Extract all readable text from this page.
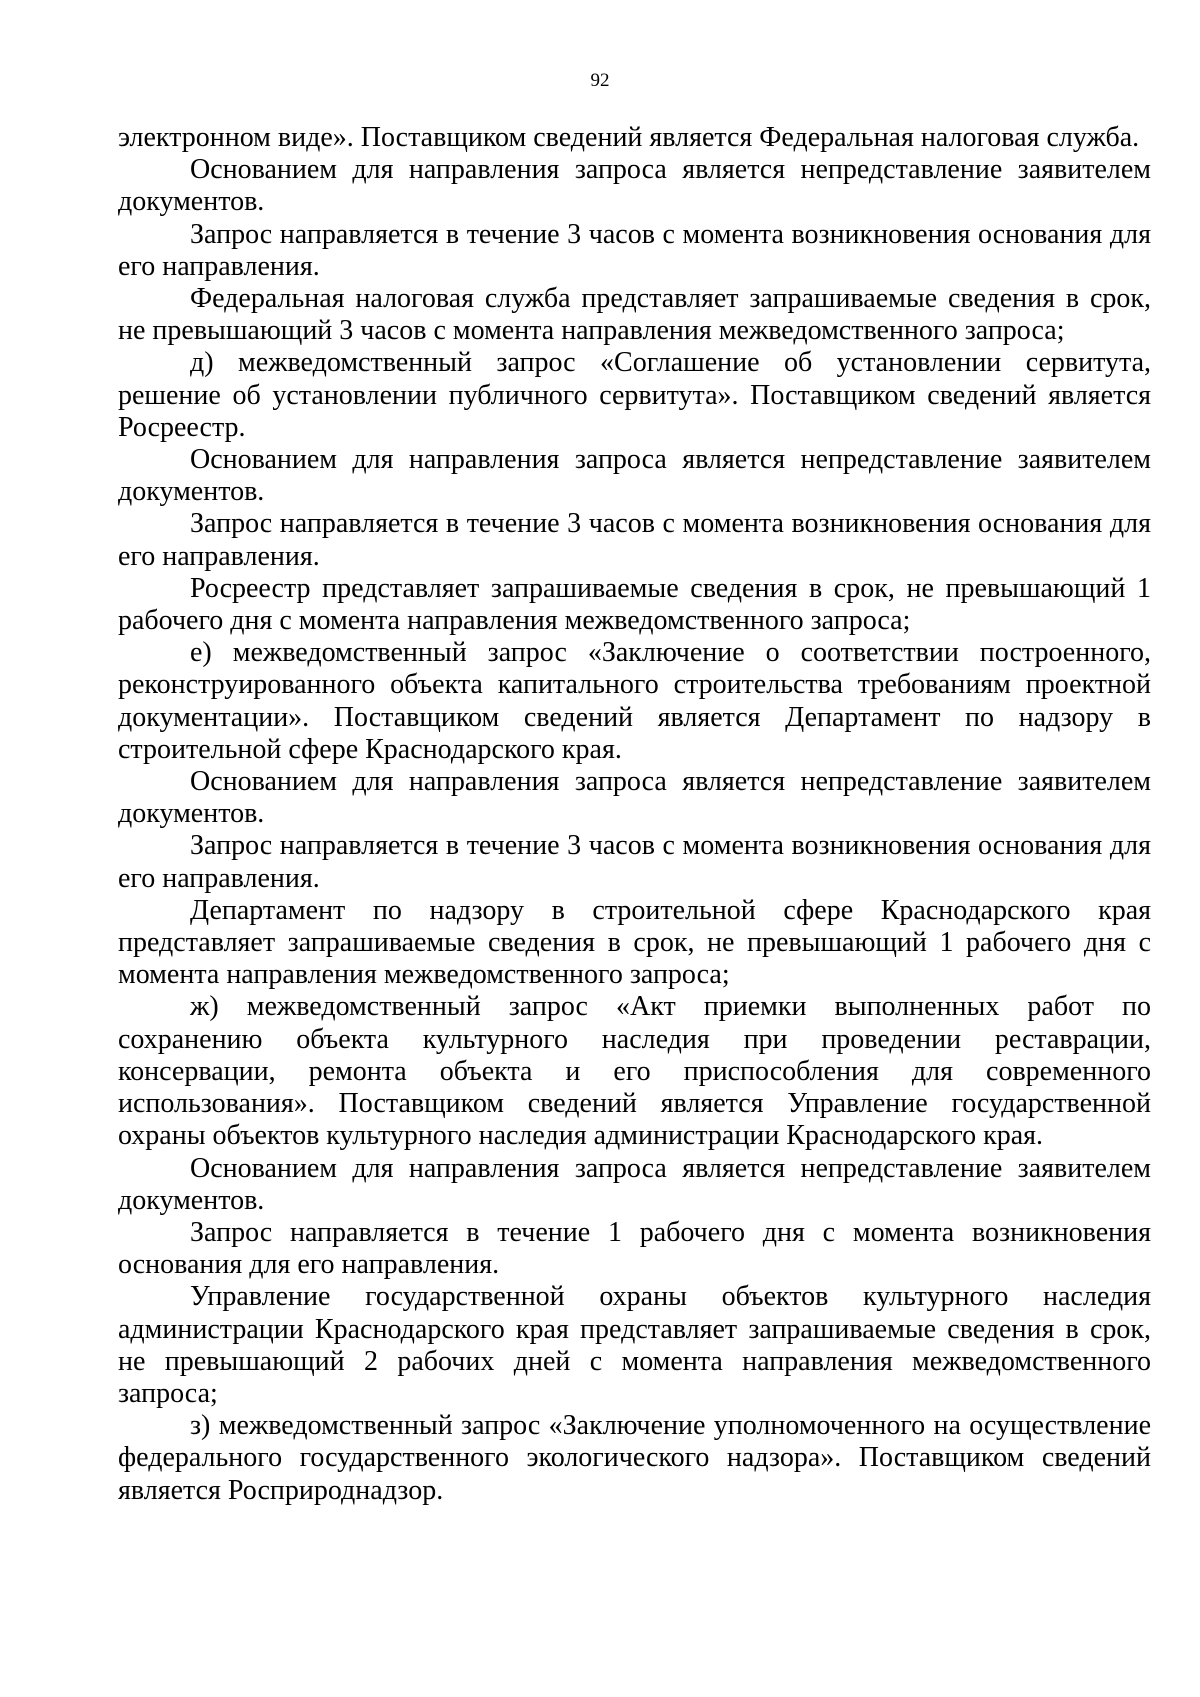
92

электронном виде». Поставщиком сведений является Федеральная налоговая служба.

Основанием для направления запроса является непредставление заявителем документов.

Запрос направляется в течение 3 часов с момента возникновения основания для его направления.

Федеральная налоговая служба представляет запрашиваемые сведения в срок, не превышающий 3 часов с момента направления межведомственного запроса;

д) межведомственный запрос «Соглашение об установлении сервитута, решение об установлении публичного сервитута». Поставщиком сведений является Росреестр.

Основанием для направления запроса является непредставление заявителем документов.

Запрос направляется в течение 3 часов с момента возникновения основания для его направления.

Росреестр представляет запрашиваемые сведения в срок, не превышающий 1 рабочего дня с момента направления межведомственного запроса;

е) межведомственный запрос «Заключение о соответствии построенного, реконструированного объекта капитального строительства требованиям проектной документации». Поставщиком сведений является Департамент по надзору в строительной сфере Краснодарского края.

Основанием для направления запроса является непредставление заявителем документов.

Запрос направляется в течение 3 часов с момента возникновения основания для его направления.

Департамент по надзору в строительной сфере Краснодарского края представляет запрашиваемые сведения в срок, не превышающий 1 рабочего дня с момента направления межведомственного запроса;

ж) межведомственный запрос «Акт приемки выполненных работ по сохранению объекта культурного наследия при проведении реставрации, консервации, ремонта объекта и его приспособления для современного использования». Поставщиком сведений является Управление государственной охраны объектов культурного наследия администрации Краснодарского края.

Основанием для направления запроса является непредставление заявителем документов.

Запрос направляется в течение 1 рабочего дня с момента возникновения основания для его направления.

Управление государственной охраны объектов культурного наследия администрации Краснодарского края представляет запрашиваемые сведения в срок, не превышающий 2 рабочих дней с момента направления межведомственного запроса;

з) межведомственный запрос «Заключение уполномоченного на осуществление федерального государственного экологического надзора». Поставщиком сведений является Росприроднадзор.
